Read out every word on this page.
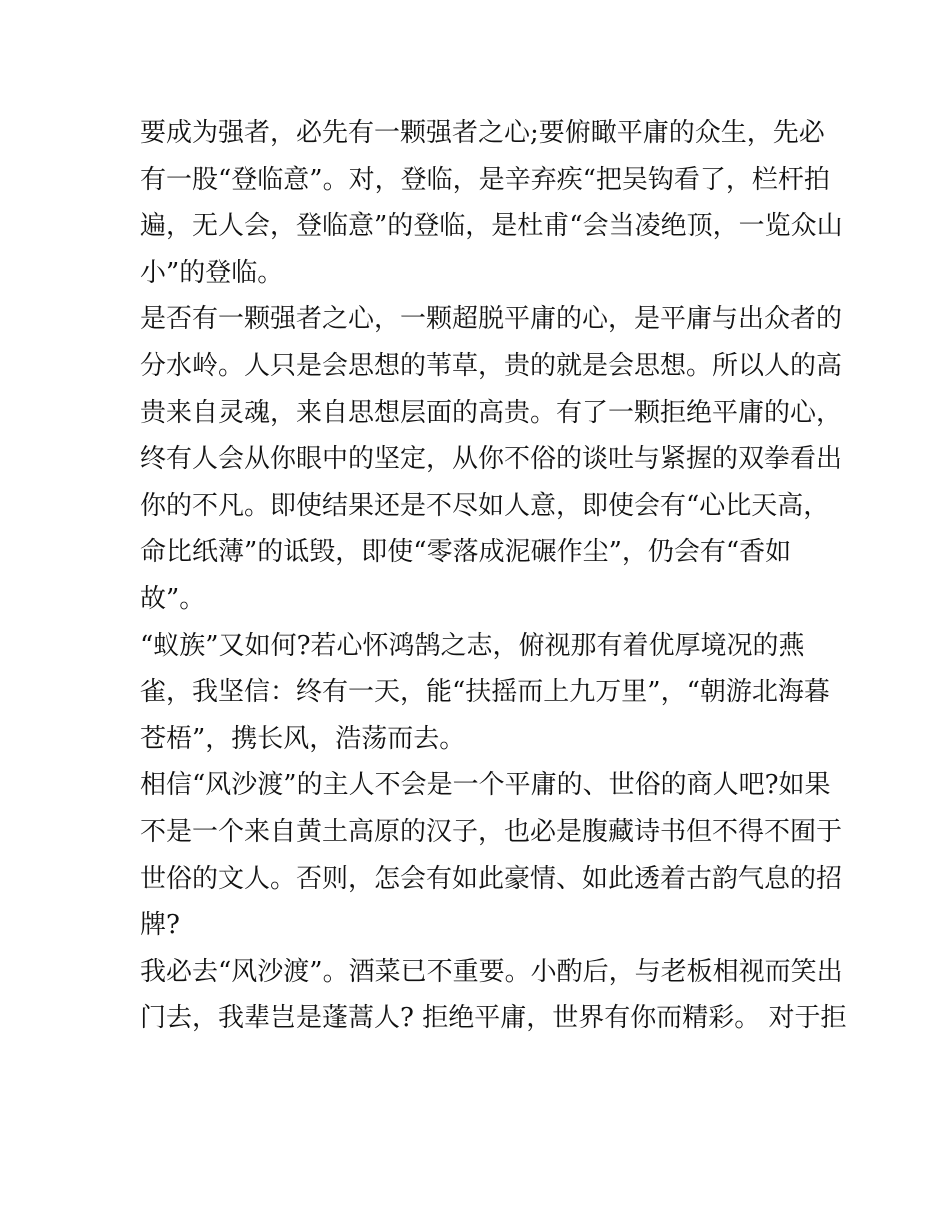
要成为强者，必先有一颗强者之心;要俯瞰平庸的众生，先必
有一股“登临意”。对，登临，是辛弃疾“把吴钩看了，栏杆拍
遍，无人会，登临意”的登临，是杜甫“会当凌绝顶，一览众山
小”的登临。
是否有一颗强者之心，一颗超脱平庸的心，是平庸与出众者的
分水岭。人只是会思想的苇草，贵的就是会思想。所以人的高
贵来自灵魂，来自思想层面的高贵。有了一颗拒绝平庸的心，
终有人会从你眼中的坚定，从你不俗的谈吐与紧握的双拳看出
你的不凡。即使结果还是不尽如人意，即使会有“心比天高，
命比纸薄”的诋毁，即使“零落成泥碾作尘”，仍会有“香如
故”。
“蚁族”又如何?若心怀鸿鹄之志，俯视那有着优厚境况的燕
雀，我坚信：终有一天，能“扶摇而上九万里”，“朝游北海暮
苍梧”，携长风，浩荡而去。
相信“风沙渡”的主人不会是一个平庸的、世俗的商人吧?如果
不是一个来自黄土高原的汉子，也必是腹藏诗书但不得不囿于
世俗的文人。否则，怎会有如此豪情、如此透着古韵气息的招
牌?
我必去“风沙渡”。酒菜已不重要。小酌后，与老板相视而笑出
门去，我辈岂是蓬蒿人? 拒绝平庸，世界有你而精彩。 对于拒
